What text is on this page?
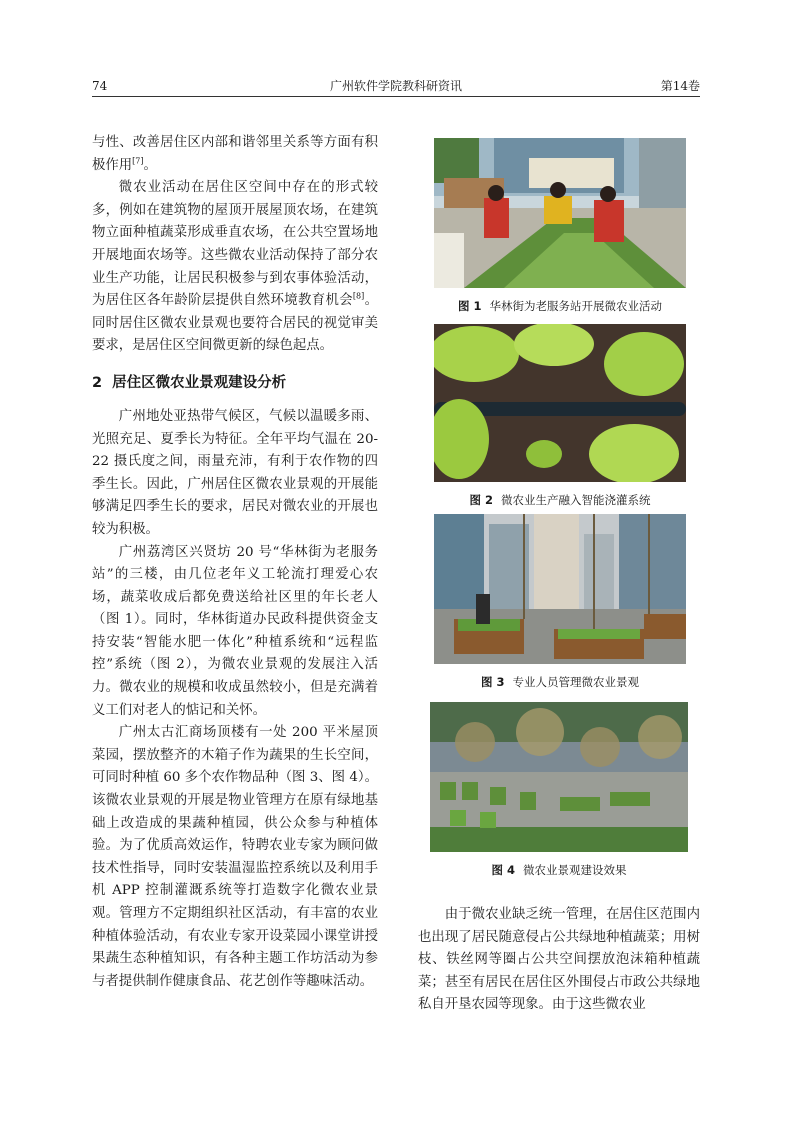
74	广州软件学院教科研资讯	第14卷

与性、改善居住区内部和谐邻里关系等方面有积极作用[7]。

微农业活动在居住区空间中存在的形式较多，例如在建筑物的屋顶开展屋顶农场，在建筑物立面种植蔬菜形成垂直农场，在公共空置场地开展地面农场等。这些微农业活动保持了部分农业生产功能，让居民积极参与到农事体验活动，为居住区各年龄阶层提供自然环境教育机会[8]。同时居住区微农业景观也要符合居民的视觉审美要求，是居住区空间微更新的绿色起点。

2 居住区微农业景观建设分析

广州地处亚热带气候区，气候以温暖多雨、光照充足、夏季长为特征。全年平均气温在 20-22 摄氏度之间，雨量充沛，有利于农作物的四季生长。因此，广州居住区微农业景观的开展能够满足四季生长的要求，居民对微农业的开展也较为积极。

广州荔湾区兴贤坊 20 号“华林街为老服务站”的三楼，由几位老年义工轮流打理爱心农场，蔬菜收成后都免费送给社区里的年长老人（图 1）。同时，华林街道办民政科提供资金支持安装“智能水肥一体化”种植系统和“远程监控”系统（图 2），为微农业景观的发展注入活力。微农业的规模和收成虽然较小，但是充满着义工们对老人的惦记和关怀。

广州太古汇商场顶楼有一处 200 平米屋顶菜园，摆放整齐的木箱子作为蔬果的生长空间，可同时种植 60 多个农作物品种（图 3、图 4）。该微农业景观的开展是物业管理方在原有绿地基础上改造成的果蔬种植园，供公众参与种植体验。为了优质高效运作，特聘农业专家为顾问做技术性指导，同时安装温湿监控系统以及利用手机 APP 控制灌溉系统等打造数字化微农业景观。管理方不定期组织社区活动，有丰富的农业种植体验活动，有农业专家开设菜园小课堂讲授果蔬生态种植知识，有各种主题工作坊活动为参与者提供制作健康食品、花艺创作等趣味活动。

图 1 华林街为老服务站开展微农业活动
图 2 微农业生产融入智能浇灌系统
图 3 专业人员管理微农业景观
图 4 微农业景观建设效果

由于微农业缺乏统一管理，在居住区范围内也出现了居民随意侵占公共绿地种植蔬菜；用树枝、铁丝网等圈占公共空间摆放泡沫箱种植蔬菜；甚至有居民在居住区外围侵占市政公共绿地私自开垦农园等现象。由于这些微农业
